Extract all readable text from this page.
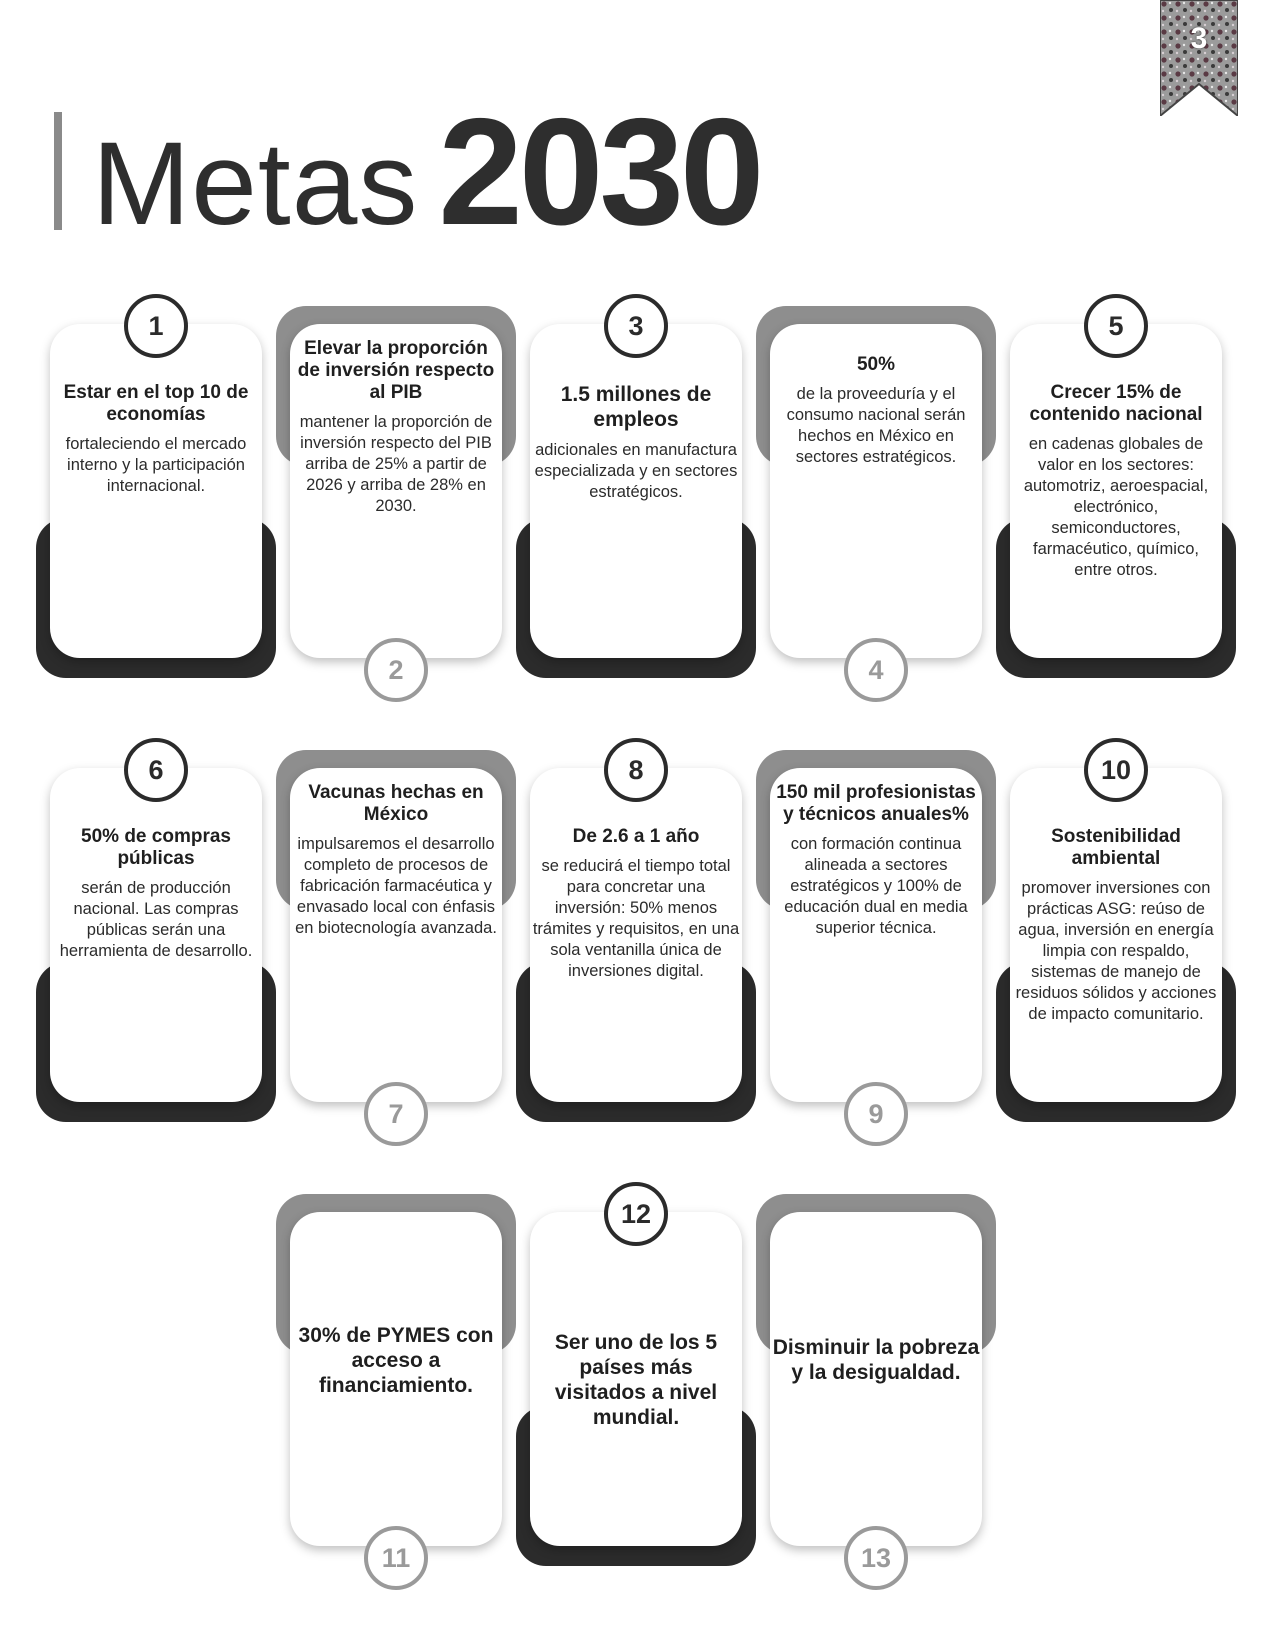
3
Metas 2030
1
Estar en el top 10 de economías
fortaleciendo el mercado interno y la participación internacional.
2
Elevar la proporción de inversión respecto al PIB
mantener la proporción de inversión respecto del PIB arriba de 25% a partir de 2026 y arriba de 28% en 2030.
3
1.5 millones de empleos
adicionales en manufactura especializada y en sectores estratégicos.
4
50%
de la proveeduría y el consumo nacional serán hechos en México en sectores estratégicos.
5
Crecer 15% de contenido nacional
en cadenas globales de valor en los sectores: automotriz, aeroespacial, electrónico, semiconductores, farmacéutico, químico, entre otros.
6
50% de compras públicas
serán de producción nacional. Las compras públicas serán una herramienta de desarrollo.
7
Vacunas hechas en México
impulsaremos el desarrollo completo de procesos de fabricación farmacéutica y envasado local con énfasis en biotecnología avanzada.
8
De 2.6 a 1 año
se reducirá el tiempo total para concretar una inversión: 50% menos trámites y requisitos, en una sola ventanilla única de inversiones digital.
9
150 mil profesionistas y técnicos anuales%
con formación continua alineada a sectores estratégicos y 100% de educación dual en media superior técnica.
10
Sostenibilidad ambiental
promover inversiones con prácticas ASG: reúso de agua, inversión en energía limpia con respaldo, sistemas de manejo de residuos sólidos y acciones de impacto comunitario.
11
30% de PYMES con acceso a financiamiento.
12
Ser uno de los 5 países más visitados a nivel mundial.
13
Disminuir la pobreza y la desigualdad.
